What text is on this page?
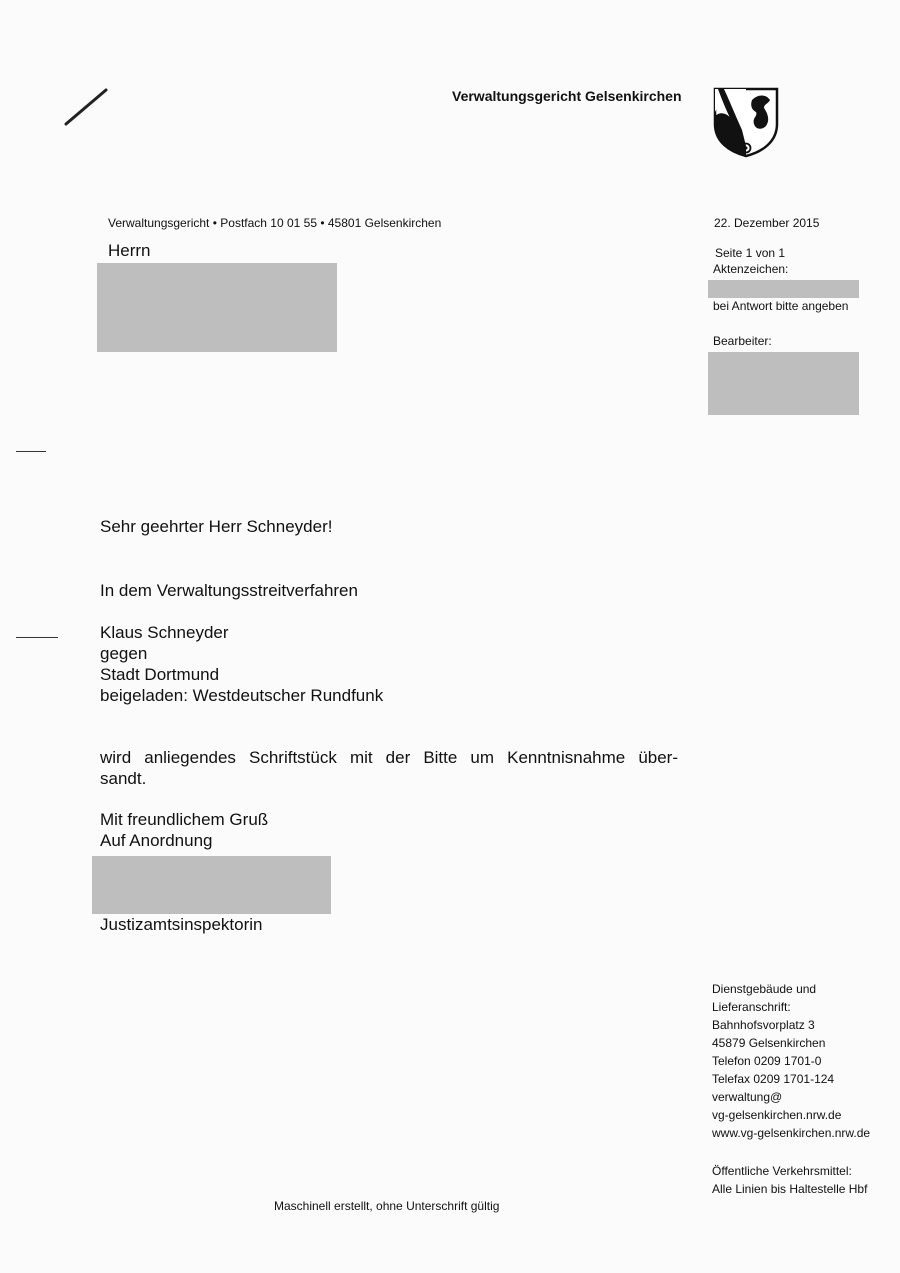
Verwaltungsgericht Gelsenkirchen
Verwaltungsgericht • Postfach 10 01 55 • 45801 Gelsenkirchen
Herrn
22. Dezember 2015
Seite 1 von 1
Aktenzeichen:
bei Antwort bitte angeben
Bearbeiter:
Sehr geehrter Herr Schneyder!
In dem Verwaltungsstreitverfahren
Klaus Schneyder
gegen
Stadt Dortmund
beigeladen: Westdeutscher Rundfunk
wird anliegendes Schriftstück mit der Bitte um Kenntnisnahme über-
sandt.
Mit freundlichem Gruß
Auf Anordnung
Justizamtsinspektorin
Dienstgebäude und
Lieferanschrift:
Bahnhofsvorplatz 3
45879 Gelsenkirchen
Telefon 0209 1701-0
Telefax 0209 1701-124
verwaltung@
vg-gelsenkirchen.nrw.de
www.vg-gelsenkirchen.nrw.de
Öffentliche Verkehrsmittel:
Alle Linien bis Haltestelle Hbf
Maschinell erstellt, ohne Unterschrift gültig
